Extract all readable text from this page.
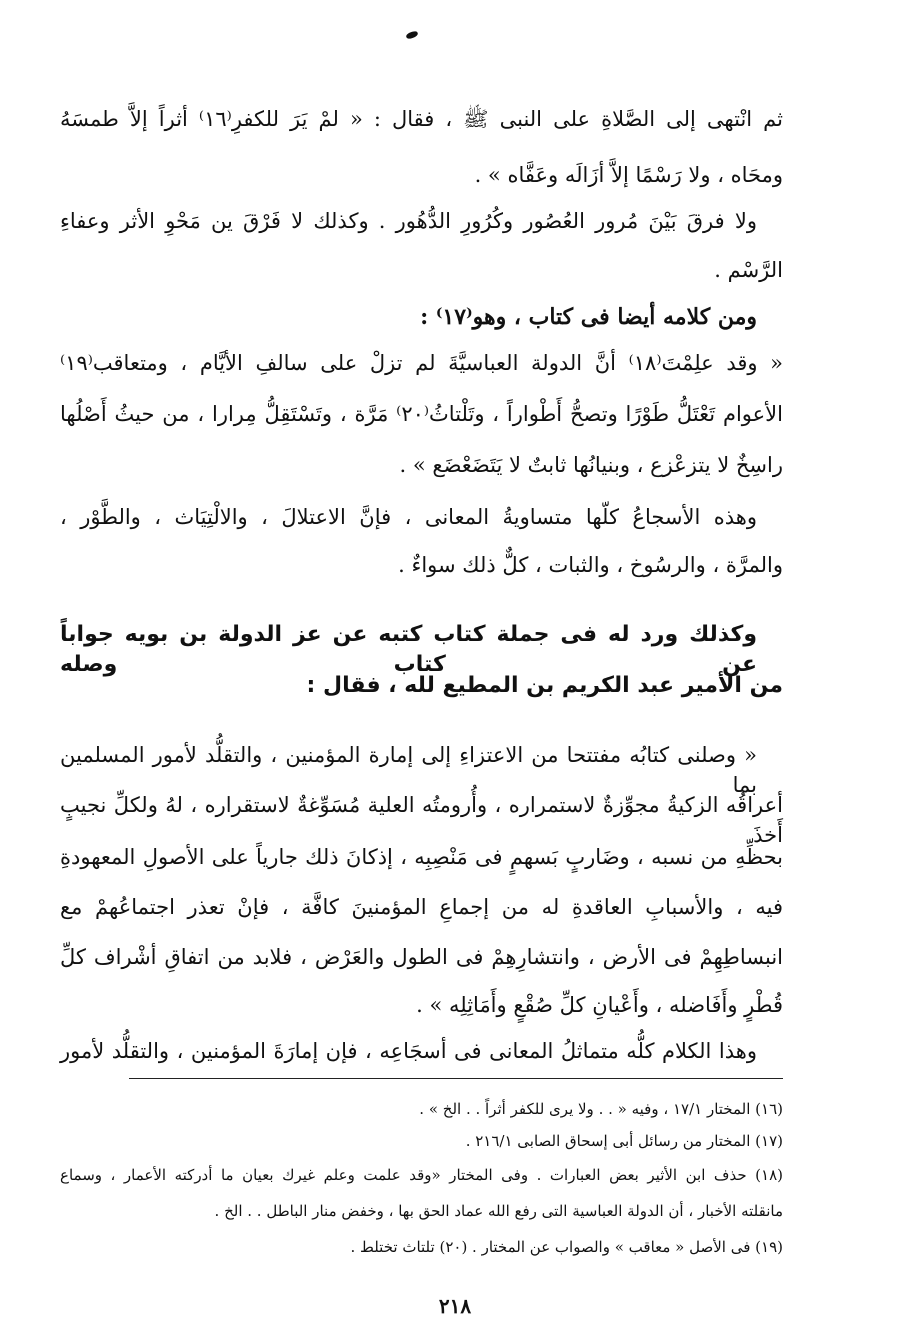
ثم انْتهى إلى الصَّلاةِ على النبى ﷺ ، فقال : « لمْ يَرَ للكفرِ⁽١٦⁾ أثراً إلاَّ طمسَهُ
ومحَاه ، ولا رَسْمًا إلاَّ أزَالَه وعَفَّاه » .
ولا فرقَ بَيْنَ مُرور العُصُور وكُرُورِ الدُّهُور . وكذلك لا فَرْقَ ين مَحْوِ الأثر وعفاءِ
الرَّسْم .
ومن كلامه أيضا فى كتاب ، وهو⁽١٧⁾ :
« وقد علِمْتَ⁽١٨⁾ أنَّ الدولة العباسيَّةَ لم تزلْ على سالفِ الأيَّام ، ومتعاقب⁽١٩⁾
الأعوام تَعْتَلُّ طَوْرًا وتصحُّ أَطْواراً ، وتَلْتاثُ⁽٢٠⁾ مَرَّة ، وتَسْتَقِلُّ مِرارا ، من حيثُ أَصْلُها
راسِخٌ لا يتزعْزع ، وبنيانُها ثابتٌ لا يَتَضَعْضَع » .
وهذه الأسجاعُ كلّها متساويةُ المعانى ، فإنَّ الاعتلالَ ، والالْتِيَاث ، والطَّوْر ،
والمرَّة ، والرسُوخ ، والثبات ، كلٌّ ذلك سواءٌ .
وكذلك ورد له فى جملة كتاب كتبه عن عز الدولة بن بويه جواباً عن كتاب وصله
من الأمير عبد الكريم بن المطيع لله ، فقال :
« وصلنى كتابُه مفتتحا من الاعتزاءِ إلى إمارة المؤمنين ، والتقلُّد لأمور المسلمين بما
أعراقُه الزكيةُ مجوِّزةٌ لاستمراره ، وأُرومتُه العلية مُسَوِّغةٌ لاستقراره ، لهُ ولكلِّ نجيبٍ أَخذَ
بحظِّهِ من نسبه ، وضَاربٍ بَسهمٍ فى مَنْصِبِه ، إذكانَ ذلك جارياً على الأصولِ المعهودةِ
فيه ، والأسبابِ العاقدةِ له من إجماعِ المؤمنينَ كافَّة ، فإنْ تعذر اجتماعُهمْ مع
انبساطِهِمْ فى الأرض ، وانتشارِهِمْ فى الطول والعَرْض ، فلابد من اتفاقِ أشْراف كلِّ
قُطْرٍ وأَفَاضله ، وأَعْيانِ كلِّ صُقْعٍ وأَمَاثِلِه » .
وهذا الكلام كلُّه متماثلُ المعانى فى أسجَاعِه ، فإن إمارَةَ المؤمنين ، والتقلُّد لأمور
(١٦) المختار ١٧/١ ، وفيه « . . ولا يرى للكفر أثراً . . الخ » .
(١٧) المختار من رسائل أبى إسحاق الصابى ٢١٦/١ .
(١٨) حذف ابن الأثير بعض العبارات . وفى المختار «وقد علمت وعلم غيرك بعيان ما أدركته الأعمار ، وسماع
مانقلته الأخبار ، أن الدولة العباسية التى رفع الله عماد الحق بها ، وخفض منار الباطل . . الخ .
(١٩) فى الأصل « معاقب » والصواب عن المختار . (٢٠) تلتاث تختلط .
٢١٨
